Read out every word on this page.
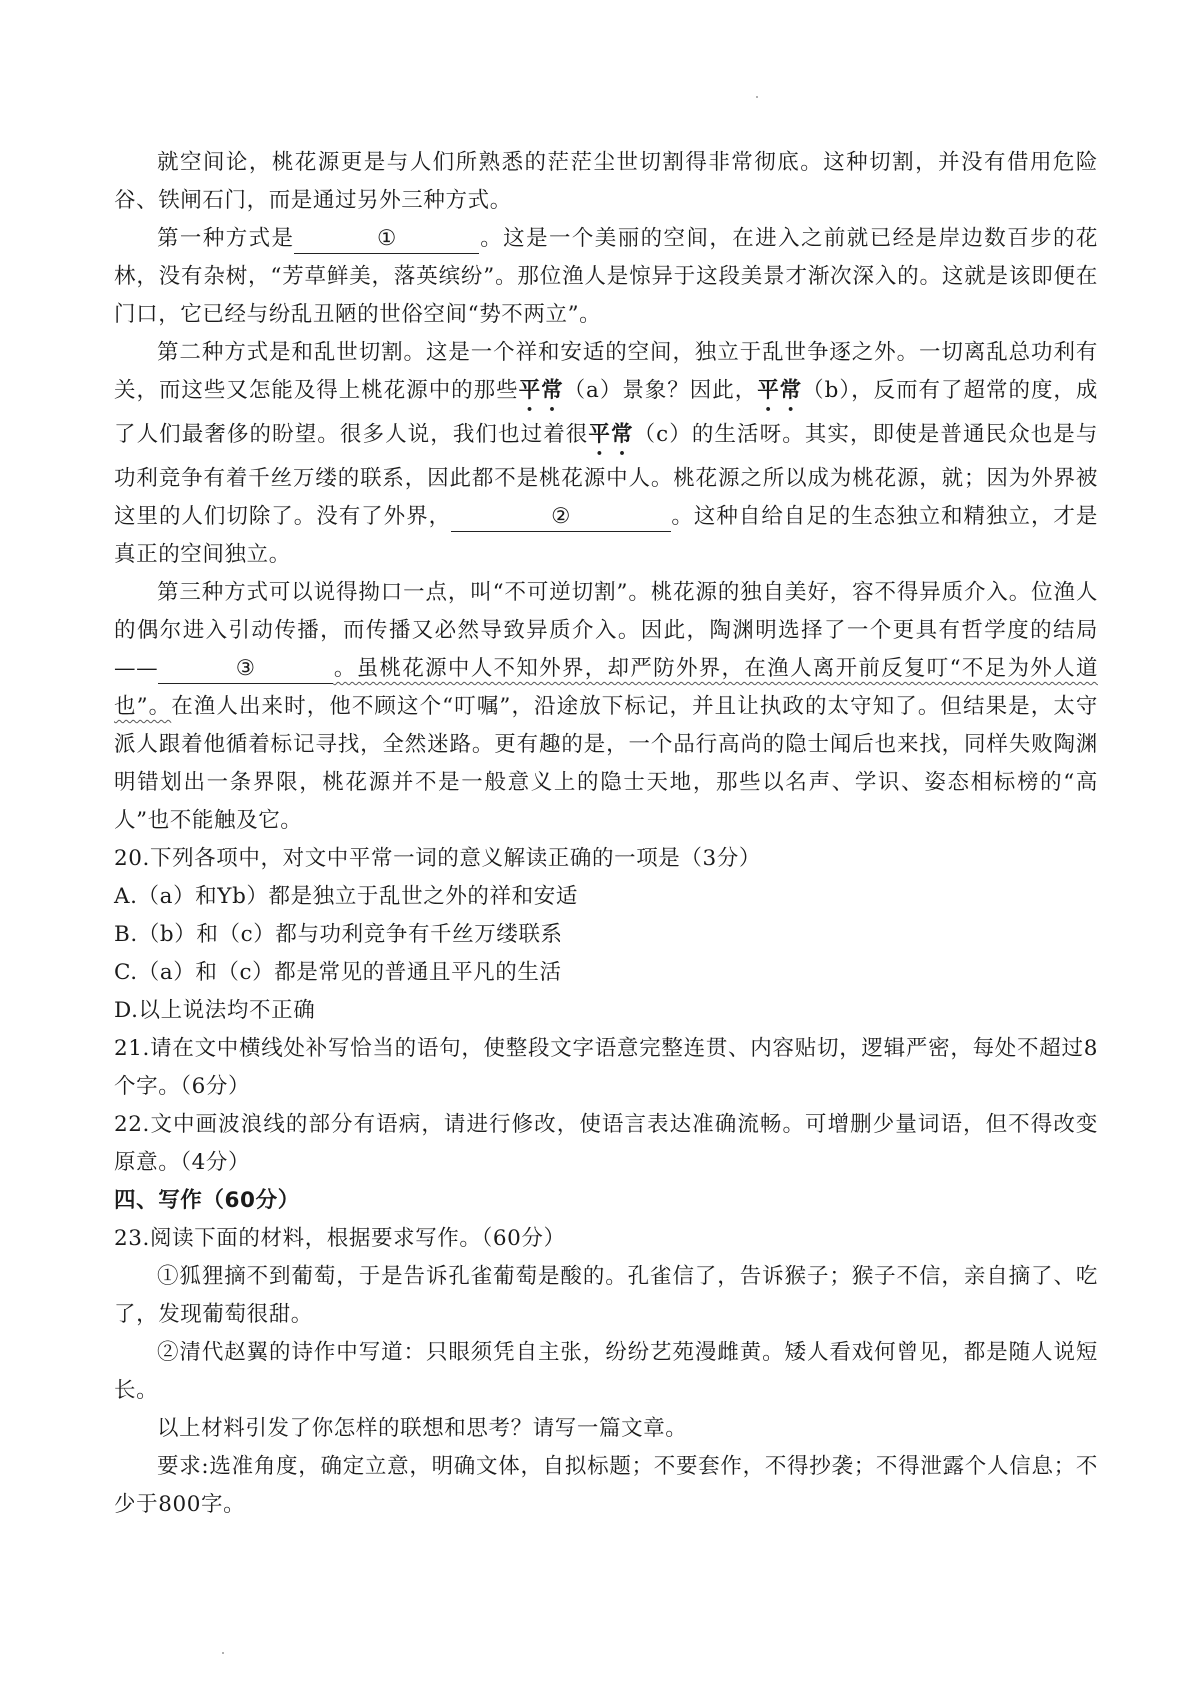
就空间论，桃花源更是与人们所熟悉的茫茫尘世切割得非常彻底。这种切割，并没有借用危险谷、铁闸石门，而是通过另外三种方式。

第一种方式是	①	。这是一个美丽的空间，在进入之前就已经是岸边数百步的花林，没有杂树，“芳草鲜美，落英缤纷”。那位渔人是惊异于这段美景才渐次深入的。这就是该即便在门口，它已经与纷乱丑陋的世俗空间“势不两立”。

第二种方式是和乱世切割。这是一个祥和安适的空间，独立于乱世争逐之外。一切离乱总功利有关，而这些又怎能及得上桃花源中的那些平常（a）景象？因此，平常（b），反而有了超常的度，成了人们最奢侈的盼望。很多人说，我们也过着很平常（c）的生活呀。其实，即使是普通民众也是与功利竞争有着千丝万缕的联系，因此都不是桃花源中人。桃花源之所以成为桃花源，就；因为外界被这里的人们切除了。没有了外界，	②	。这种自给自足的生态独立和精独立，才是真正的空间独立。

第三种方式可以说得拗口一点，叫“不可逆切割”。桃花源的独自美好，容不得异质介入。位渔人的偶尔进入引动传播，而传播又必然导致异质介入。因此，陶渊明选择了一个更具有哲学度的结局——	③	。虽桃花源中人不知外界，却严防外界，在渔人离开前反复叮“不足为外人道也”。在渔人出来时，他不顾这个“叮嘱”，沿途放下标记，并且让执政的太守知了。但结果是，太守派人跟着他循着标记寻找，全然迷路。更有趣的是，一个品行高尚的隐士闻后也来找，同样失败陶渊明错划出一条界限，桃花源并不是一般意义上的隐士天地，那些以名声、学识、姿态相标榜的“高人”也不能触及它。

20.下列各项中，对文中平常一词的意义解读正确的一项是（3分）

A.（a）和Yb）都是独立于乱世之外的祥和安适

B.（b）和（c）都与功利竞争有千丝万缕联系

C.（a）和（c）都是常见的普通且平凡的生活

D.以上说法均不正确

21.请在文中横线处补写恰当的语句，使整段文字语意完整连贯、内容贴切，逻辑严密，每处不超过8个字。（6分）

22.文中画波浪线的部分有语病，请进行修改，使语言表达准确流畅。可增删少量词语，但不得改变原意。（4分）

四、写作（60分）

23.阅读下面的材料，根据要求写作。（60分）

①狐狸摘不到葡萄，于是告诉孔雀葡萄是酸的。孔雀信了，告诉猴子；猴子不信，亲自摘了、吃了，发现葡萄很甜。

②清代赵翼的诗作中写道：只眼须凭自主张，纷纷艺苑漫雌黄。矮人看戏何曾见，都是随人说短长。

以上材料引发了你怎样的联想和思考？请写一篇文章。

要求:选准角度，确定立意，明确文体，自拟标题；不要套作，不得抄袭；不得泄露个人信息；不少于800字。
